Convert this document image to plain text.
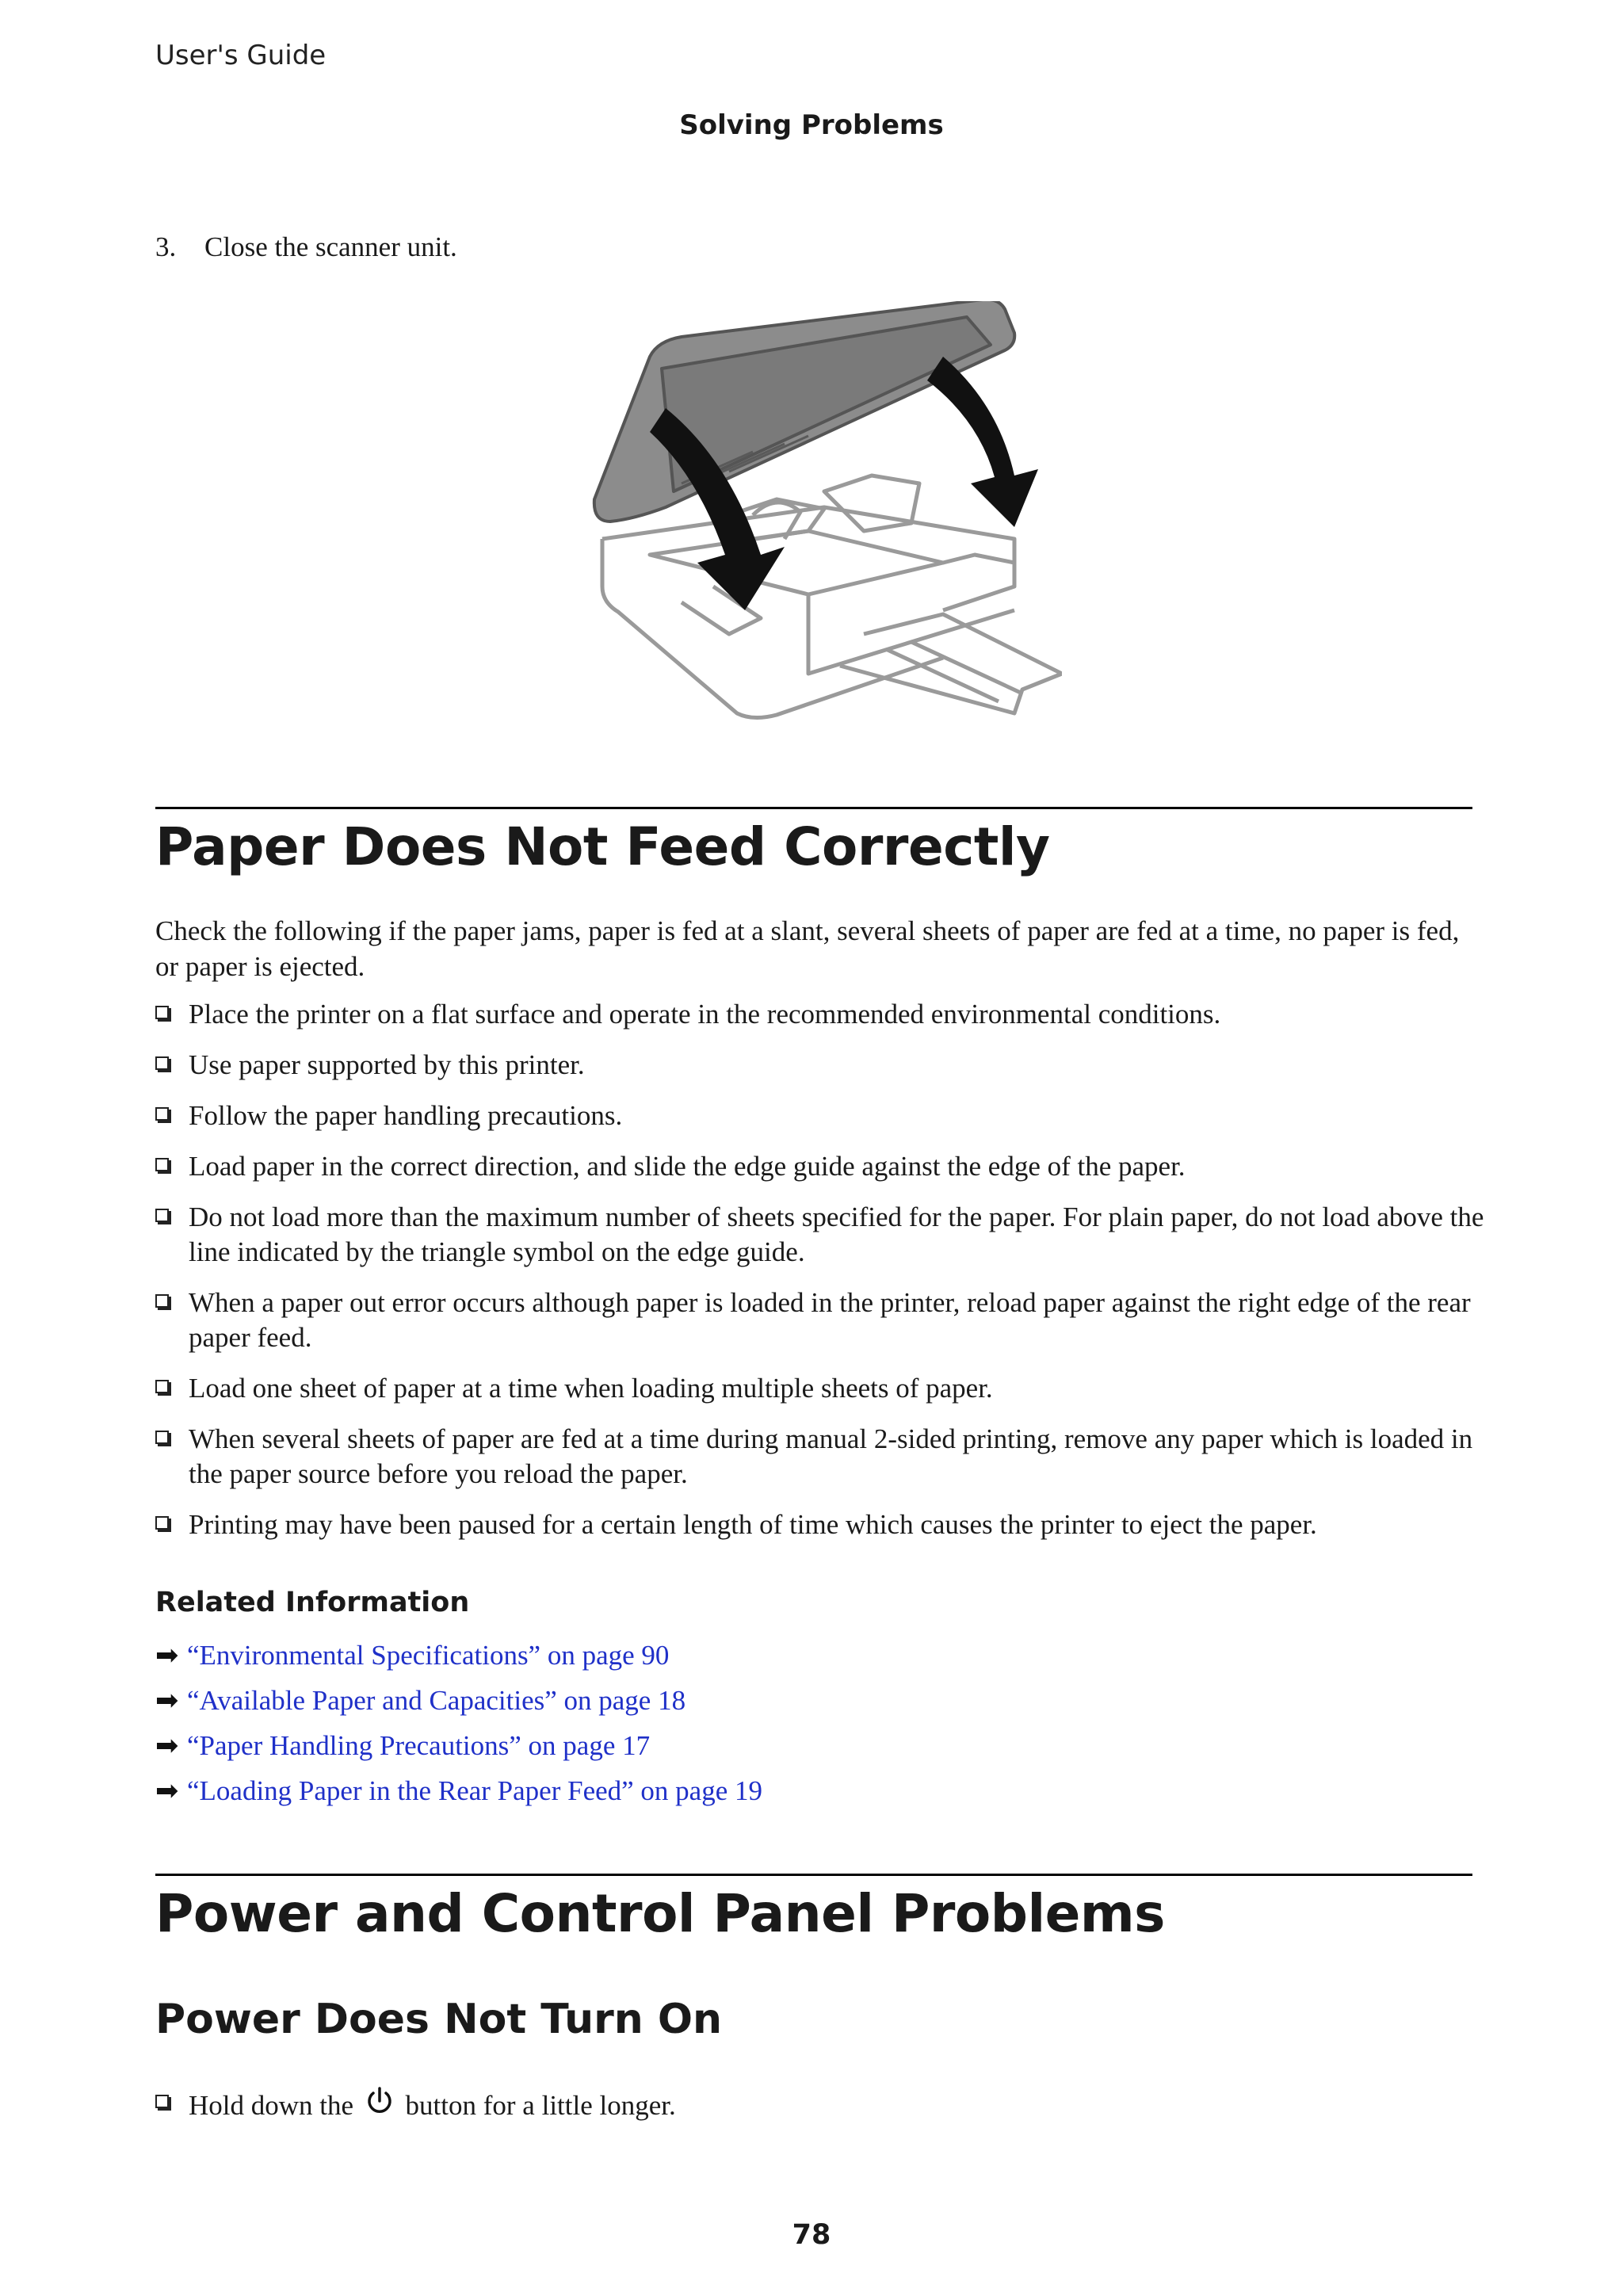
User's Guide
Solving Problems
3. Close the scanner unit.
Paper Does Not Feed Correctly
Check the following if the paper jams, paper is fed at a slant, several sheets of paper are fed at a time, no paper is fed, or paper is ejected.
Place the printer on a flat surface and operate in the recommended environmental conditions.
Use paper supported by this printer.
Follow the paper handling precautions.
Load paper in the correct direction, and slide the edge guide against the edge of the paper.
Do not load more than the maximum number of sheets specified for the paper. For plain paper, do not load above the line indicated by the triangle symbol on the edge guide.
When a paper out error occurs although paper is loaded in the printer, reload paper against the right edge of the rear paper feed.
Load one sheet of paper at a time when loading multiple sheets of paper.
When several sheets of paper are fed at a time during manual 2-sided printing, remove any paper which is loaded in the paper source before you reload the paper.
Printing may have been paused for a certain length of time which causes the printer to eject the paper.
Related Information
➡ “Environmental Specifications” on page 90
➡ “Available Paper and Capacities” on page 18
➡ “Paper Handling Precautions” on page 17
➡ “Loading Paper in the Rear Paper Feed” on page 19
Power and Control Panel Problems
Power Does Not Turn On
Hold down the button for a little longer.
78
